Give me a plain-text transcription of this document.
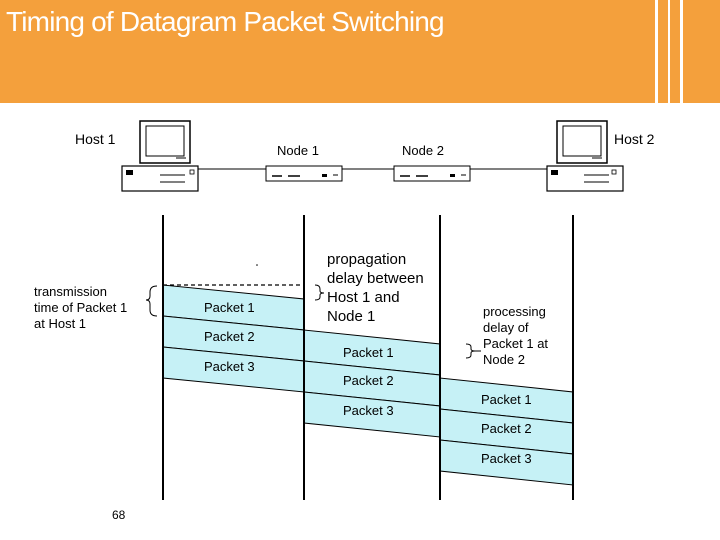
Timing of Datagram Packet Switching
Host 1
Node 1	Node 2
Host 2
transmission
time of Packet 1
at Host 1
propagation
delay between
Host 1 and
Node 1	processing
delay of
Packet 1 at
Node 2
Packet 1
Packet 2
Packet 3
Packet 1
Packet 2
Packet 3
Packet 1
Packet 2
Packet 3
68
